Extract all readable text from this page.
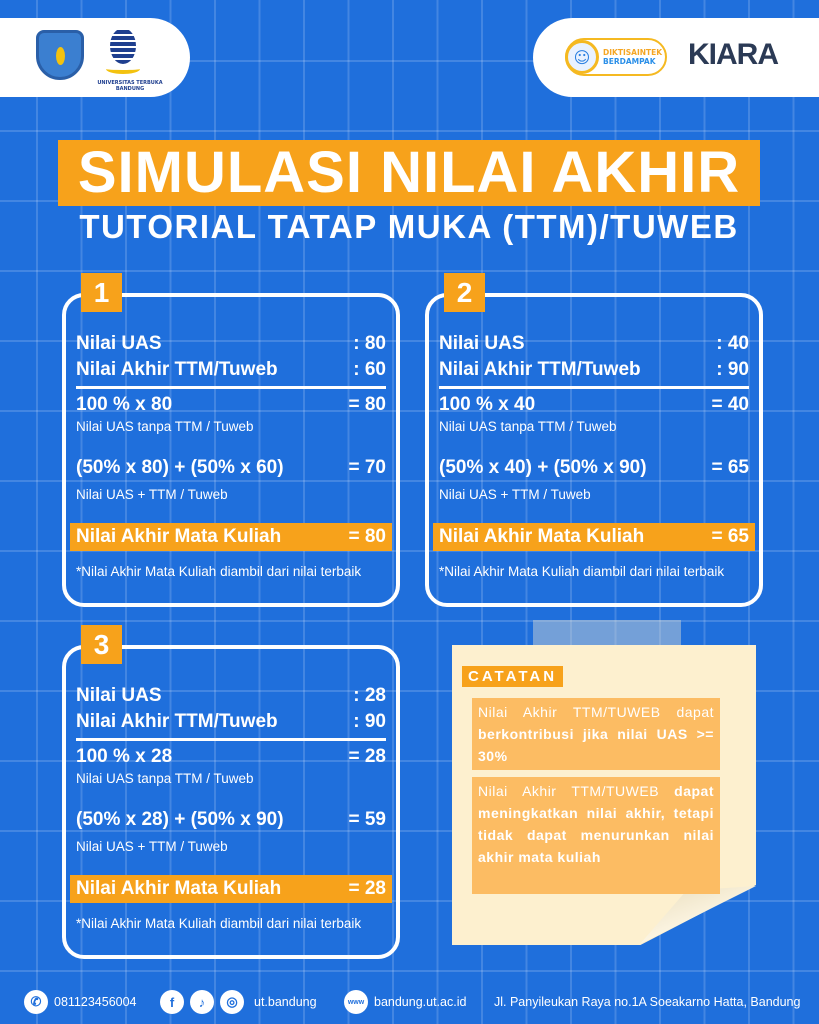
UNIVERSITAS TERBUKA BANDUNG
☺	DIKTISAINTEK
BERDAMPAK KIARA
SIMULASI NILAI AKHIR
TUTORIAL TATAP MUKA (TTM)/TUWEB
Nilai UAS	: 80
Nilai Akhir TTM/Tuweb	: 60
100 % x 80	= 80
Nilai UAS tanpa TTM / Tuweb
(50% x 80) + (50% x 60)	= 70
Nilai UAS + TTM / Tuweb
Nilai Akhir Mata Kuliah	= 80
*Nilai Akhir Mata Kuliah diambil dari nilai terbaik
1
Nilai UAS	: 40
Nilai Akhir TTM/Tuweb	: 90
100 % x 40	= 40
Nilai UAS tanpa TTM / Tuweb
(50% x 40) + (50% x 90)	= 65
Nilai UAS + TTM / Tuweb
Nilai Akhir Mata Kuliah	= 65
*Nilai Akhir Mata Kuliah diambil dari nilai terbaik
2
Nilai UAS	: 28
Nilai Akhir TTM/Tuweb	: 90
100 % x 28	= 28
Nilai UAS tanpa TTM / Tuweb
(50% x 28) + (50% x 90)	= 59
Nilai UAS + TTM / Tuweb
Nilai Akhir Mata Kuliah	= 28
*Nilai Akhir Mata Kuliah diambil dari nilai terbaik
3
CATATAN
Nilai Akhir TTM/TUWEB dapat berkontribusi jika nilai UAS >= 30%
Nilai Akhir TTM/TUWEB dapat meningkatkan nilai akhir, tetapi tidak dapat menurunkan nilai akhir mata kuliah
✆	081123456004	f	♪	◎	ut.bandung	www bandung.ut.ac.id Jl. Panyileukan Raya no.1A Soeakarno Hatta, Bandung
